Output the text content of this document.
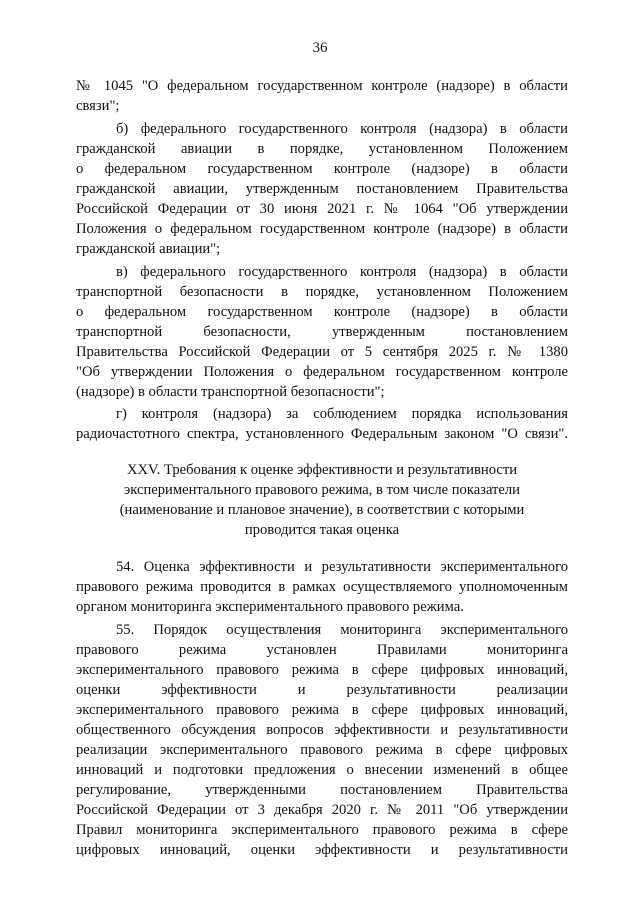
36
№ 1045 "О федеральном государственном контроле (надзоре) в области
связи";
б) федерального государственного контроля (надзора) в области
гражданской авиации в порядке, установленном Положением
о федеральном государственном контроле (надзоре) в области
гражданской авиации, утвержденным постановлением Правительства
Российской Федерации от 30 июня 2021 г. № 1064 "Об утверждении
Положения о федеральном государственном контроле (надзоре) в области
гражданской авиации";
в) федерального государственного контроля (надзора) в области
транспортной безопасности в порядке, установленном Положением
о федеральном государственном контроле (надзоре) в области
транспортной безопасности, утвержденным постановлением
Правительства Российской Федерации от 5 сентября 2025 г. № 1380
"Об утверждении Положения о федеральном государственном контроле
(надзоре) в области транспортной безопасности";
г) контроля (надзора) за соблюдением порядка использования
радиочастотного спектра, установленного Федеральным законом "О связи".
XXV. Требования к оценке эффективности и результативности
экспериментального правового режима, в том числе показатели
(наименование и плановое значение), в соответствии с которыми
проводится такая оценка
54. Оценка эффективности и результативности экспериментального
правового режима проводится в рамках осуществляемого уполномоченным
органом мониторинга экспериментального правового режима.
55. Порядок осуществления мониторинга экспериментального
правового режима установлен Правилами мониторинга
экспериментального правового режима в сфере цифровых инноваций,
оценки эффективности и результативности реализации
экспериментального правового режима в сфере цифровых инноваций,
общественного обсуждения вопросов эффективности и результативности
реализации экспериментального правового режима в сфере цифровых
инноваций и подготовки предложения о внесении изменений в общее
регулирование, утвержденными постановлением Правительства
Российской Федерации от 3 декабря 2020 г. № 2011 "Об утверждении
Правил мониторинга экспериментального правового режима в сфере
цифровых инноваций, оценки эффективности и результативности
